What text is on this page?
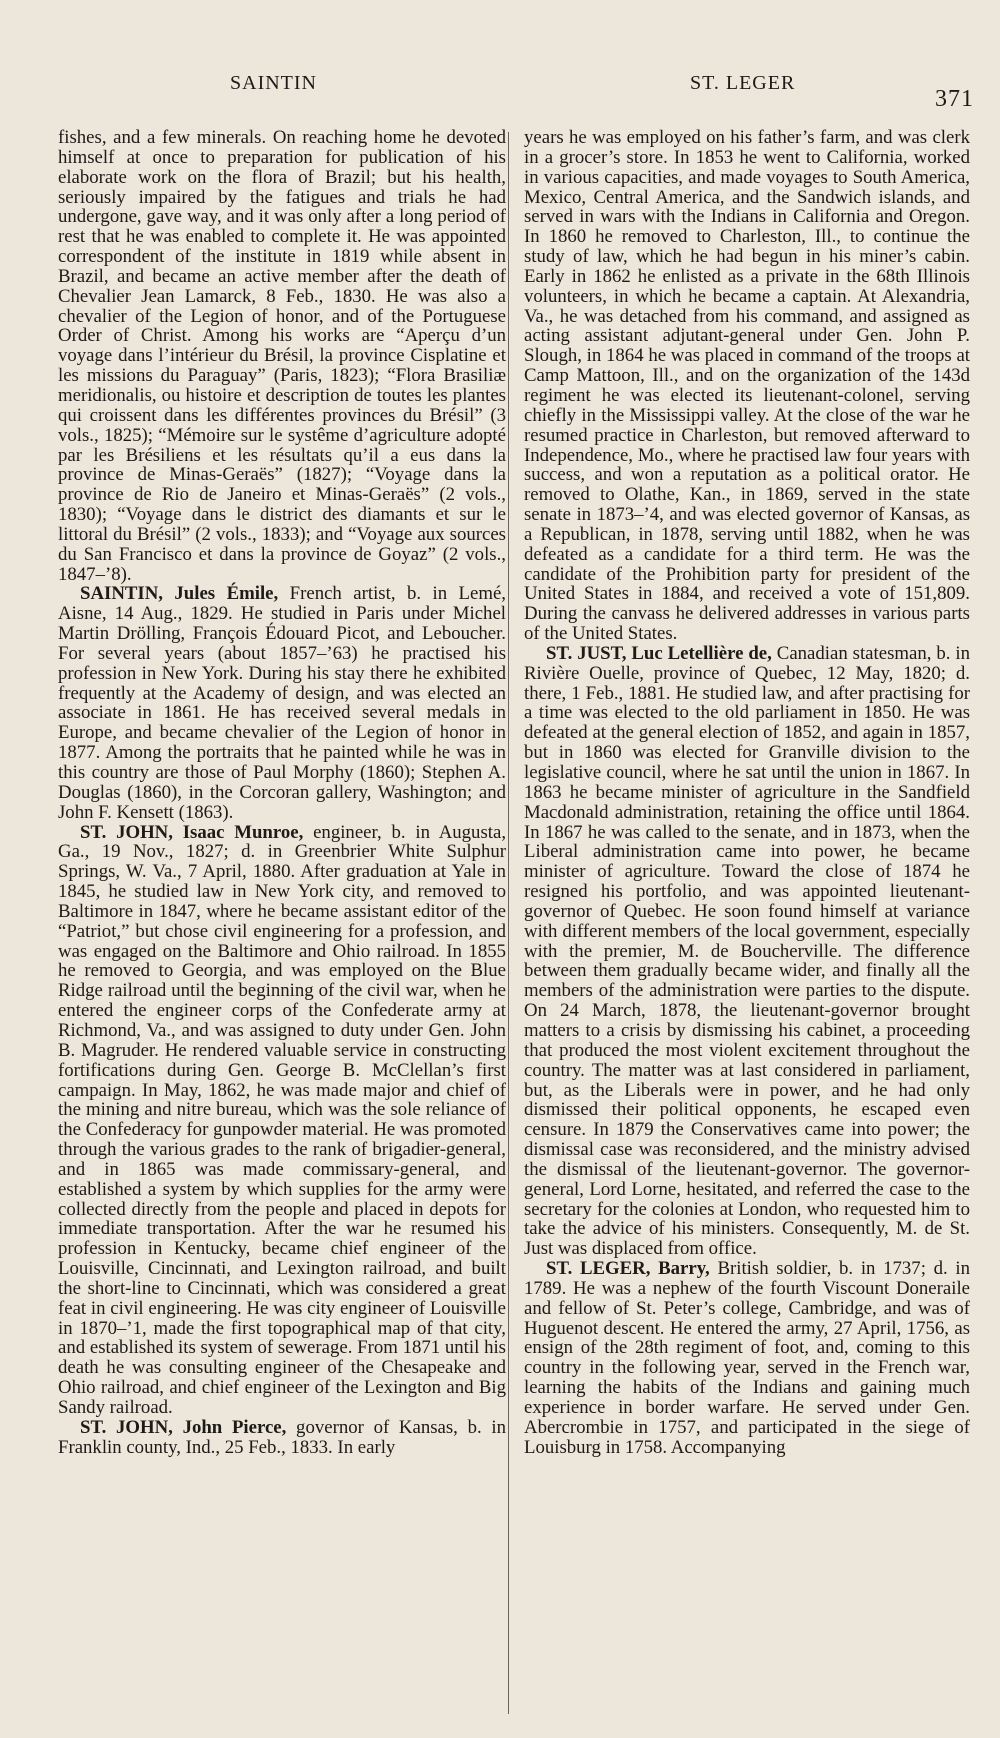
SAINTIN	ST. LEGER
371

fishes, and a few minerals. On reaching home he devoted himself at once to preparation for publication of his elaborate work on the flora of Brazil; but his health, seriously impaired by the fatigues and trials he had undergone, gave way, and it was only after a long period of rest that he was enabled to complete it. He was appointed correspondent of the institute in 1819 while absent in Brazil, and became an active member after the death of Chevalier Jean Lamarck, 8 Feb., 1830. He was also a chevalier of the Legion of honor, and of the Portuguese Order of Christ. Among his works are “Aperçu d’un voyage dans l’intérieur du Brésil, la province Cisplatine et les missions du Paraguay” (Paris, 1823); “Flora Brasiliæ meridionalis, ou histoire et description de toutes les plantes qui croissent dans les différentes provinces du Brésil” (3 vols., 1825); “Mémoire sur le systême d’agriculture adopté par les Brésiliens et les résultats qu’il a eus dans la province de Minas-Geraës” (1827); “Voyage dans la province de Rio de Janeiro et Minas-Geraës” (2 vols., 1830); “Voyage dans le district des diamants et sur le littoral du Brésil” (2 vols., 1833); and “Voyage aux sources du San Francisco et dans la province de Goyaz” (2 vols., 1847–’8).

SAINTIN, Jules Émile, French artist, b. in Lemé, Aisne, 14 Aug., 1829. He studied in Paris under Michel Martin Drölling, François Édouard Picot, and Leboucher. For several years (about 1857–’63) he practised his profession in New York. During his stay there he exhibited frequently at the Academy of design, and was elected an associate in 1861. He has received several medals in Europe, and became chevalier of the Legion of honor in 1877. Among the portraits that he painted while he was in this country are those of Paul Morphy (1860); Stephen A. Douglas (1860), in the Corcoran gallery, Washington; and John F. Kensett (1863).

ST. JOHN, Isaac Munroe, engineer, b. in Augusta, Ga., 19 Nov., 1827; d. in Greenbrier White Sulphur Springs, W. Va., 7 April, 1880. After graduation at Yale in 1845, he studied law in New York city, and removed to Baltimore in 1847, where he became assistant editor of the “Patriot,” but chose civil engineering for a profession, and was engaged on the Baltimore and Ohio railroad. In 1855 he removed to Georgia, and was employed on the Blue Ridge railroad until the beginning of the civil war, when he entered the engineer corps of the Confederate army at Richmond, Va., and was assigned to duty under Gen. John B. Magruder. He rendered valuable service in constructing fortifications during Gen. George B. McClellan’s first campaign. In May, 1862, he was made major and chief of the mining and nitre bureau, which was the sole reliance of the Confederacy for gunpowder material. He was promoted through the various grades to the rank of brigadier-general, and in 1865 was made commissary-general, and established a system by which supplies for the army were collected directly from the people and placed in depots for immediate transportation. After the war he resumed his profession in Kentucky, became chief engineer of the Louisville, Cincinnati, and Lexington railroad, and built the short-line to Cincinnati, which was considered a great feat in civil engineering. He was city engineer of Louisville in 1870–’1, made the first topographical map of that city, and established its system of sewerage. From 1871 until his death he was consulting engineer of the Chesapeake and Ohio railroad, and chief engineer of the Lexington and Big Sandy railroad.

ST. JOHN, John Pierce, governor of Kansas, b. in Franklin county, Ind., 25 Feb., 1833. In early

years he was employed on his father’s farm, and was clerk in a grocer’s store. In 1853 he went to California, worked in various capacities, and made voyages to South America, Mexico, Central America, and the Sandwich islands, and served in wars with the Indians in California and Oregon. In 1860 he removed to Charleston, Ill., to continue the study of law, which he had begun in his miner’s cabin. Early in 1862 he enlisted as a private in the 68th Illinois volunteers, in which he became a captain. At Alexandria, Va., he was detached from his command, and assigned as acting assistant adjutant-general under Gen. John P. Slough, in 1864 he was placed in command of the troops at Camp Mattoon, Ill., and on the organization of the 143d regiment he was elected its lieutenant-colonel, serving chiefly in the Mississippi valley. At the close of the war he resumed practice in Charleston, but removed afterward to Independence, Mo., where he practised law four years with success, and won a reputation as a political orator. He removed to Olathe, Kan., in 1869, served in the state senate in 1873–’4, and was elected governor of Kansas, as a Republican, in 1878, serving until 1882, when he was defeated as a candidate for a third term. He was the candidate of the Prohibition party for president of the United States in 1884, and received a vote of 151,809. During the canvass he delivered addresses in various parts of the United States.

ST. JUST, Luc Letellière de, Canadian statesman, b. in Rivière Ouelle, province of Quebec, 12 May, 1820; d. there, 1 Feb., 1881. He studied law, and after practising for a time was elected to the old parliament in 1850. He was defeated at the general election of 1852, and again in 1857, but in 1860 was elected for Granville division to the legislative council, where he sat until the union in 1867. In 1863 he became minister of agriculture in the Sandfield Macdonald administration, retaining the office until 1864. In 1867 he was called to the senate, and in 1873, when the Liberal administration came into power, he became minister of agriculture. Toward the close of 1874 he resigned his portfolio, and was appointed lieutenant-governor of Quebec. He soon found himself at variance with different members of the local government, especially with the premier, M. de Boucherville. The difference between them gradually became wider, and finally all the members of the administration were parties to the dispute. On 24 March, 1878, the lieutenant-governor brought matters to a crisis by dismissing his cabinet, a proceeding that produced the most violent excitement throughout the country. The matter was at last considered in parliament, but, as the Liberals were in power, and he had only dismissed their political opponents, he escaped even censure. In 1879 the Conservatives came into power; the dismissal case was reconsidered, and the ministry advised the dismissal of the lieutenant-governor. The governor-general, Lord Lorne, hesitated, and referred the case to the secretary for the colonies at London, who requested him to take the advice of his ministers. Consequently, M. de St. Just was displaced from office.

ST. LEGER, Barry, British soldier, b. in 1737; d. in 1789. He was a nephew of the fourth Viscount Doneraile and fellow of St. Peter’s college, Cambridge, and was of Huguenot descent. He entered the army, 27 April, 1756, as ensign of the 28th regiment of foot, and, coming to this country in the following year, served in the French war, learning the habits of the Indians and gaining much experience in border warfare. He served under Gen. Abercrombie in 1757, and participated in the siege of Louisburg in 1758. Accompanying
